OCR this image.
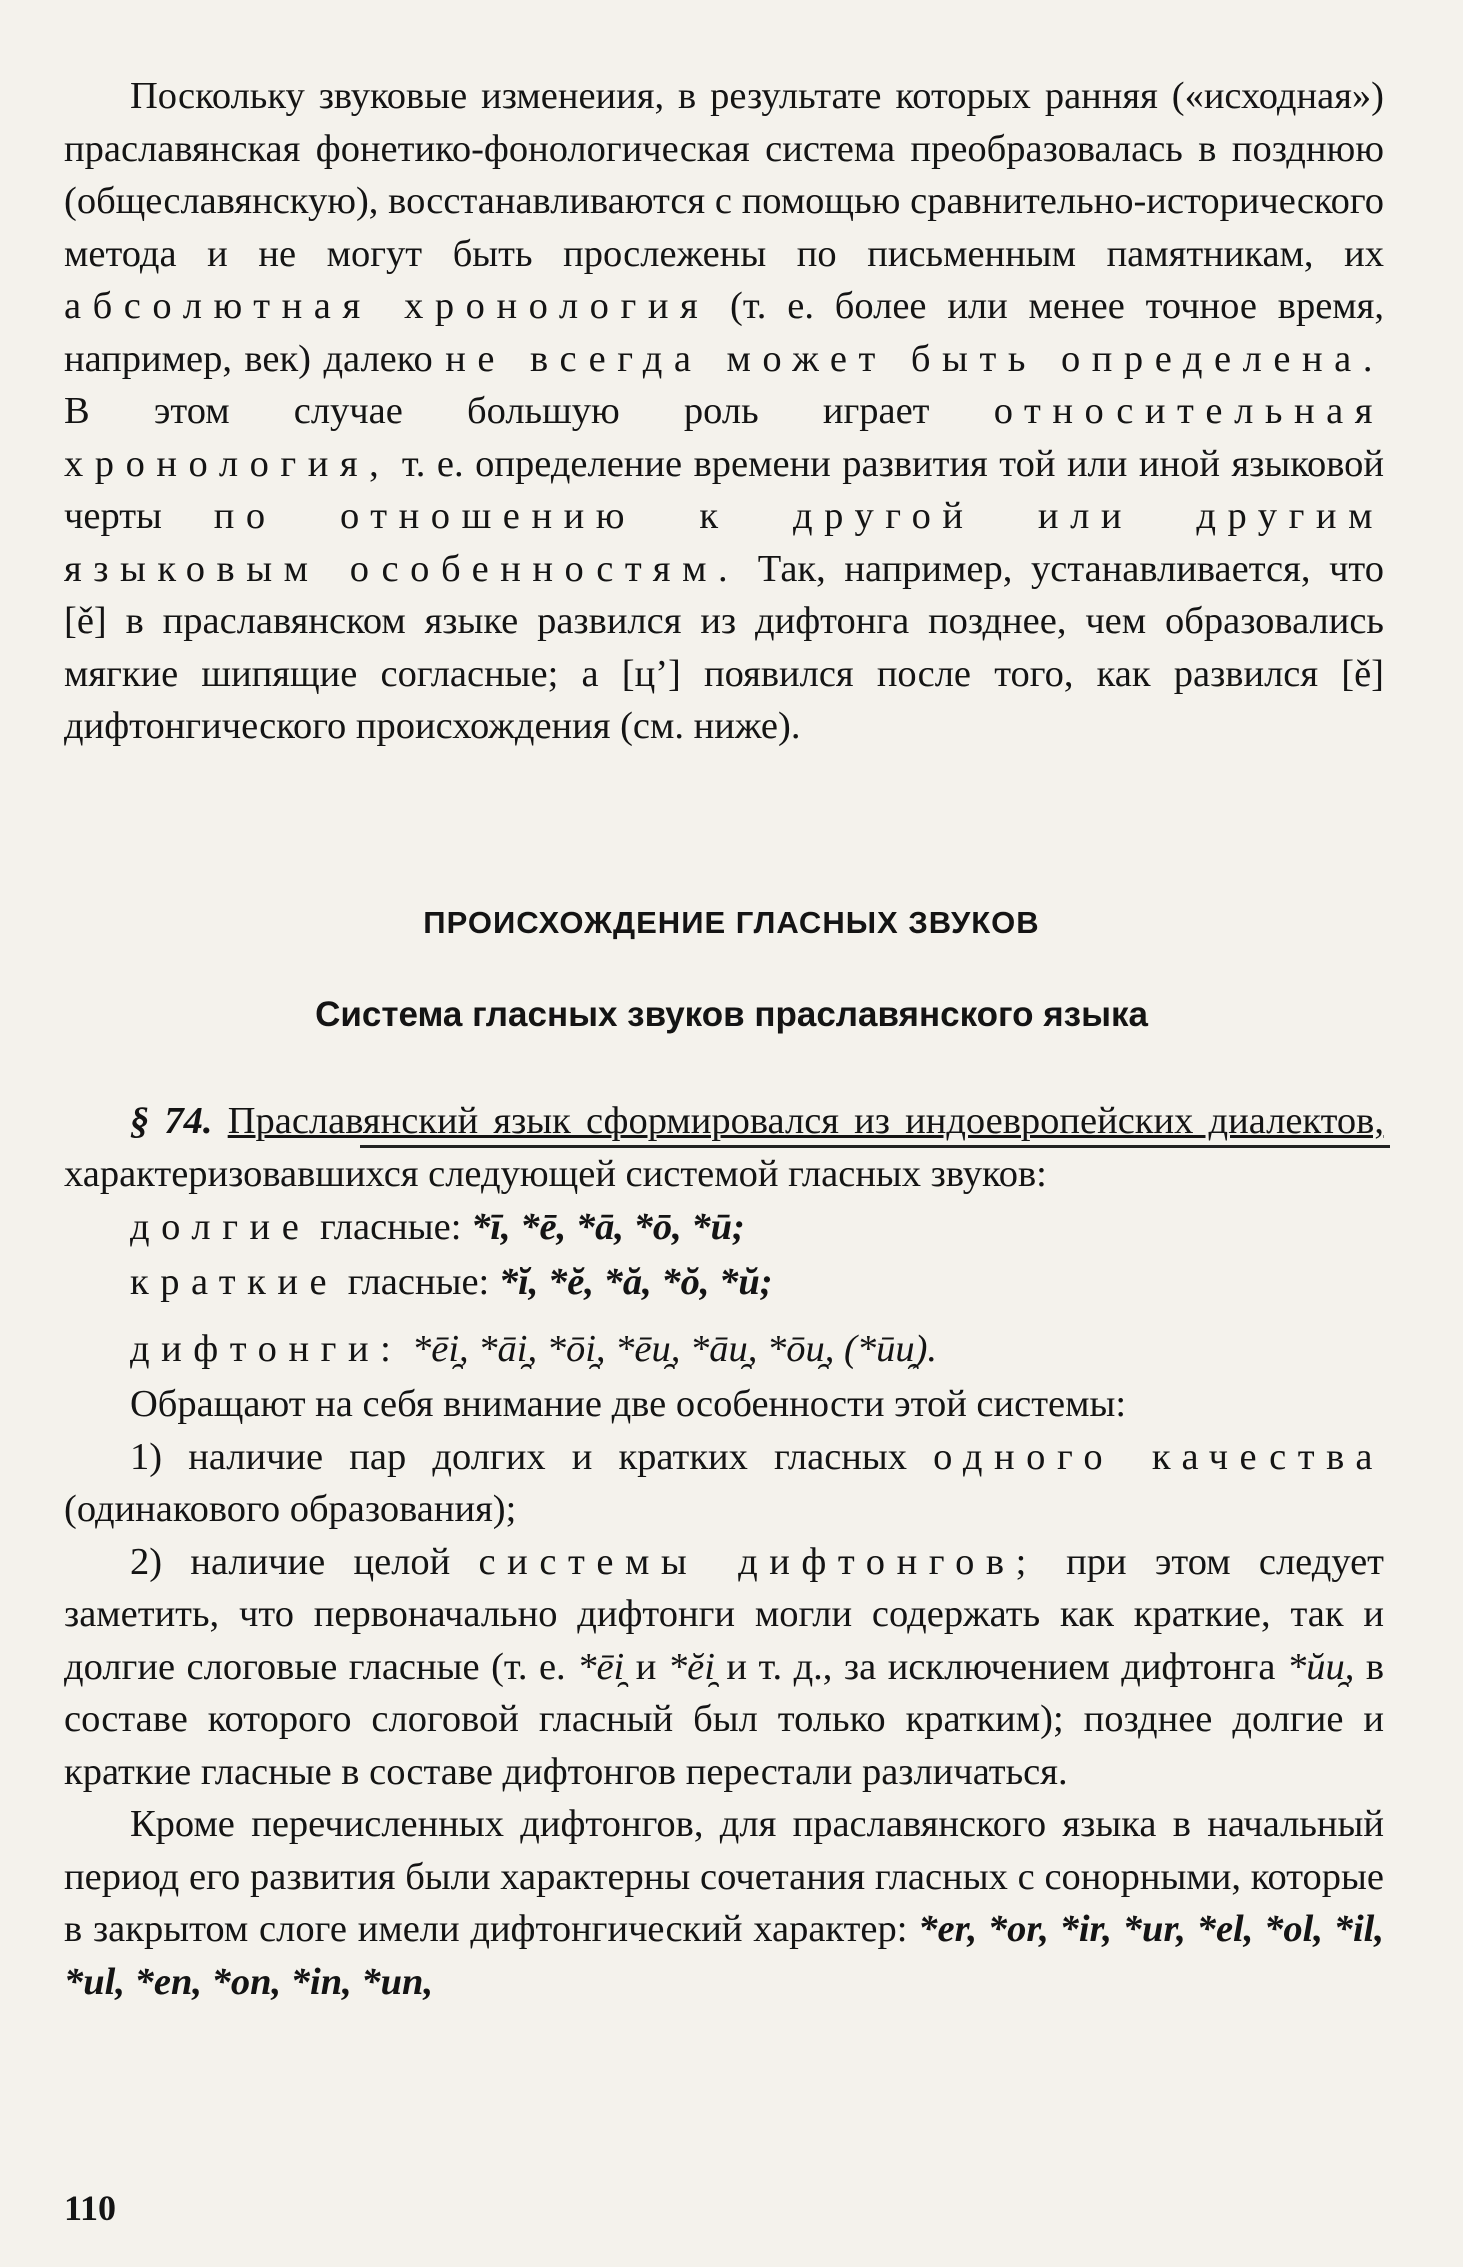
Поскольку звуковые изменеиия, в результате которых ранняя («исходная») праславянская фонетико-фонологическая система преобразовалась в позднюю (общеславянскую), восстанавливаются с помощью сравнительно-исторического метода и не могут быть прослежены по письменным памятникам, их абсолютная хронология (т. е. более или менее точное время, например, век) далеко не всегда может быть определена. В этом случае большую роль играет относительная хронология, т. е. определение времени развития той или иной языковой черты по отношению к другой или другим языковым особенностям. Так, например, устанавливается, что [ě] в праславянском языке развился из дифтонга позднее, чем образовались мягкие шипящие согласные; а [ц’] появился после того, как развился [ě] дифтонгического происхождения (см. ниже).

ПРОИСХОЖДЕНИЕ ГЛАСНЫХ ЗВУКОВ
Система гласных звуков праславянского языка

§ 74. Праславянский язык сформировался из индоевропейских диалектов, характеризовавшихся следующей системой гласных звуков:

долгие гласные: *ī, *ē, *ā, *ō, *ū;
краткие гласные: *ĭ, *ĕ, *ă, *ŏ, *ŭ;
дифтонги: *ēi̯, *āi̯, *ōi̯, *ēu̯, *āu̯, *ōu̯, (*ūu̯).

Обращают на себя внимание две особенности этой системы:

1) наличие пар долгих и кратких гласных одного качества (одинакового образования);

2) наличие целой системы дифтонгов; при этом следует заметить, что первоначально дифтонги могли содержать как краткие, так и долгие слоговые гласные (т. е. *ēi̯ и *ĕi̯ и т. д., за исключением дифтонга *ŭu̯, в составе которого слоговой гласный был только кратким); позднее долгие и краткие гласные в составе дифтонгов перестали различаться.

Кроме перечисленных дифтонгов, для праславянского языка в начальный период его развития были характерны сочетания гласных с сонорными, которые в закрытом слоге имели дифтонгический характер: *er, *or, *ir, *ur, *el, *ol, *il, *ul, *en, *on, *in, *un,

110
